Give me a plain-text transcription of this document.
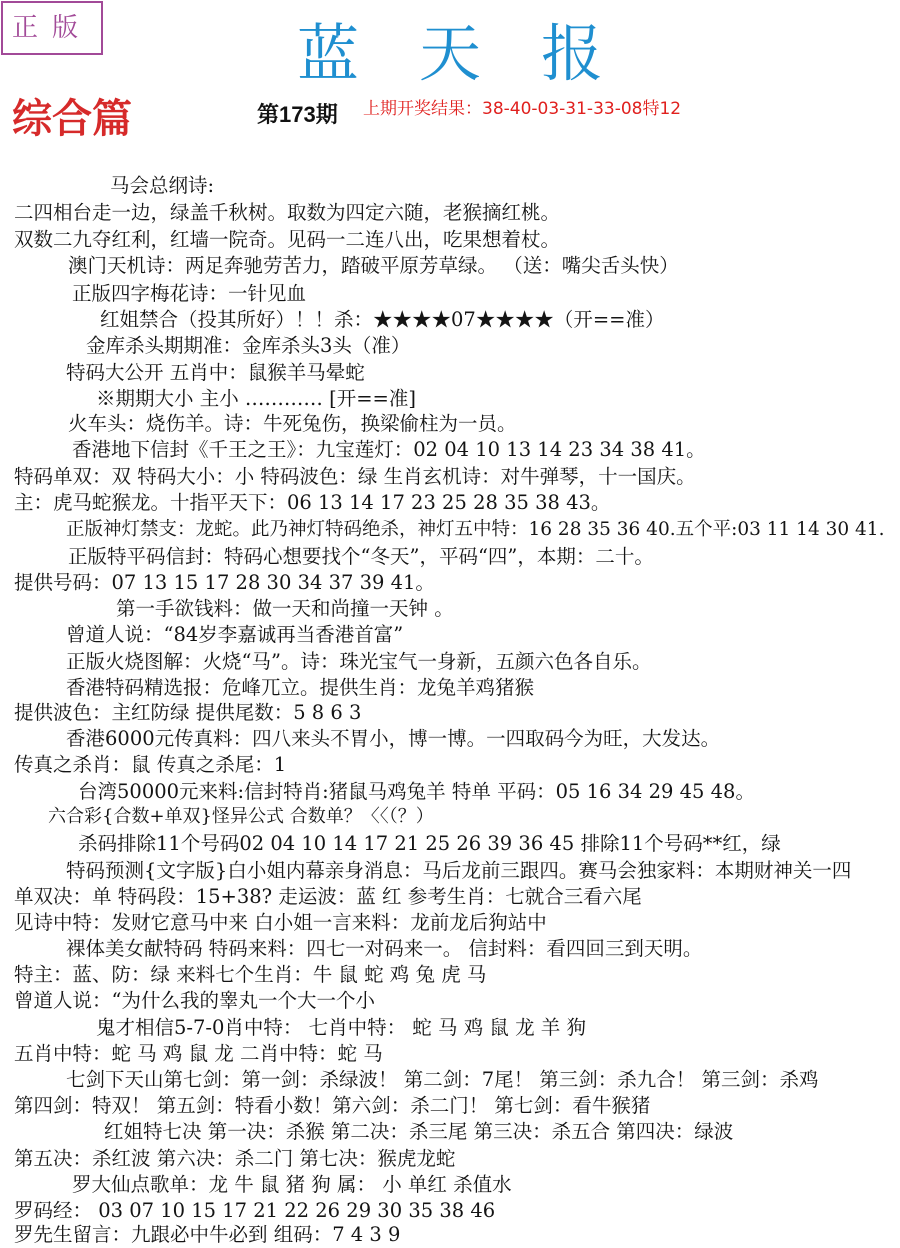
正版	蓝天报
综合篇	第173期 上期开奖结果：38-40-03-31-33-08特12
马会总纲诗:
二四相台走一边，绿盖千秋树。取数为四定六随，老猴摘红桃。
双数二九夺红利，红墙一院奇。见码一二连八出，吃果想着杖。
澳门天机诗：两足奔驰劳苦力，踏破平原芳草绿。 （送：嘴尖舌头快）
正版四字梅花诗：一针见血
红姐禁合（投其所好）！！杀：★★★★07★★★★（开==准）
金库杀头期期准：金库杀头3头（准）
特码大公开 五肖中：鼠猴羊马晕蛇
※期期大小 主小 ………… [开==准]
火车头：烧伤羊。诗：牛死兔伤，换梁偷柱为一员。
香港地下信封《千王之王》：九宝莲灯：02 04 10 13 14 23 34 38 41。
特码单双：双 特码大小：小 特码波色：绿 生肖玄机诗：对牛弹琴，十一国庆。
主：虎马蛇猴龙。十指平天下：06 13 14 17 23 25 28 35 38 43。
正版神灯禁支：龙蛇。此乃神灯特码绝杀，神灯五中特：16 28 35 36 40.五个平:03 11 14 30 41.
正版特平码信封：特码心想要找个“冬天”，平码“四”，本期：二十。
提供号码：07 13 15 17 28 30 34 37 39 41。
第一手欲钱料：做一天和尚撞一天钟 。
曾道人说：“84岁李嘉诚再当香港首富”
正版火烧图解：火烧“马”。诗：珠光宝气一身新，五颜六色各自乐。
香港特码精选报：危峰兀立。提供生肖：龙兔羊鸡猪猴
提供波色：主红防绿 提供尾数：5 8 6 3
香港6000元传真料：四八来头不胃小，博一博。一四取码今为旺，大发达。
传真之杀肖：鼠 传真之杀尾：1
台湾50000元来料:信封特肖:猪鼠马鸡兔羊 特单 平码：05 16 34 29 45 48。
六合彩{合数+单双}怪异公式 合数单？〈〈（？）
杀码排除11个号码02 04 10 14 17 21 25 26 39 36 45 排除11个号码**红，绿
特码预测{文字版}白小姐内幕亲身消息：马后龙前三跟四。赛马会独家料：本期财神关一四
单双决：单 特码段：15+38? 走运波：蓝 红 参考生肖：七就合三看六尾
见诗中特：发财它意马中来 白小姐一言来料：龙前龙后狗站中
裸体美女献特码 特码来料：四七一对码来一。 信封料：看四回三到天明。
特主：蓝、防：绿 来料七个生肖：牛 鼠 蛇 鸡 兔 虎 马
曾道人说：“为什么我的睾丸一个大一个小
鬼才相信5-7-0肖中特： 七肖中特： 蛇 马 鸡 鼠 龙 羊 狗
五肖中特：蛇 马 鸡 鼠 龙 二肖中特：蛇 马
七剑下天山第七剑：第一剑：杀绿波！ 第二剑：7尾！ 第三剑：杀九合！ 第三剑：杀鸡
第四剑：特双！ 第五剑：特看小数！第六剑：杀二门！ 第七剑：看牛猴猪
红姐特七决 第一决：杀猴 第二决：杀三尾 第三决：杀五合 第四决：绿波
第五决：杀红波 第六决：杀二门 第七决：猴虎龙蛇
罗大仙点歌单：龙 牛 鼠 猪 狗 属： 小 单红 杀值水
罗码经： 03 07 10 15 17 21 22 26 29 30 35 38 46
罗先生留言：九跟必中牛必到 组码：7 4 3 9
